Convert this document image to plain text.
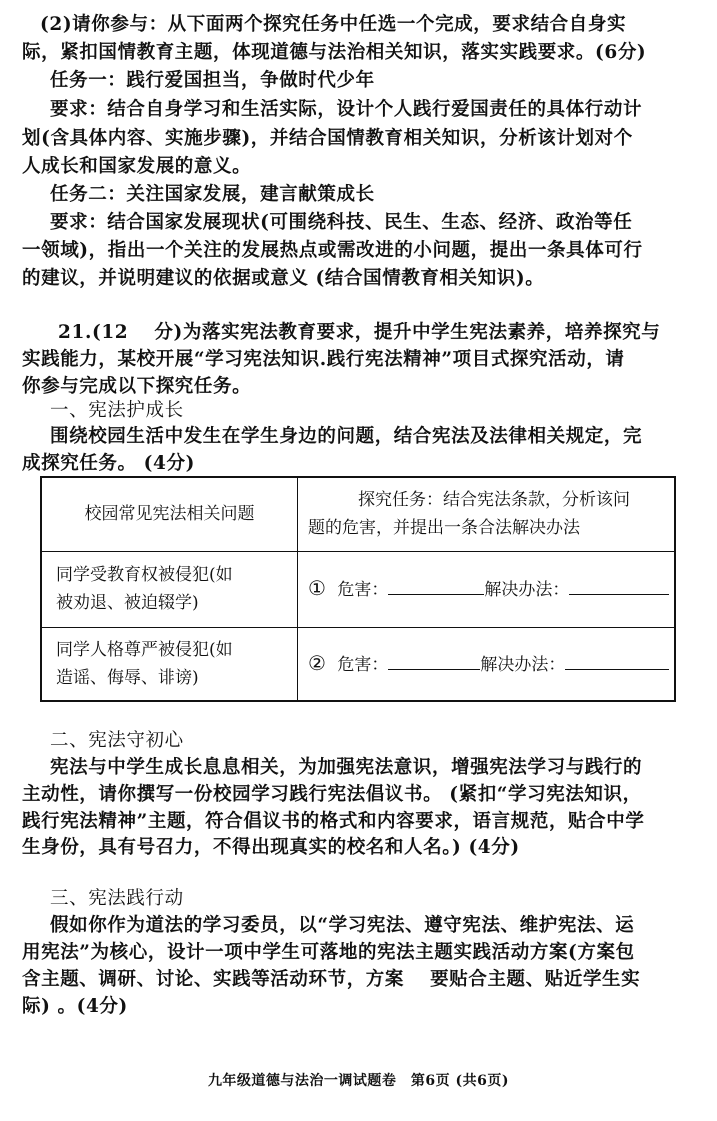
(2)请你参与：从下面两个探究任务中任选一个完成，要求结合自身实
际，紧扣国情教育主题，体现道德与法治相关知识，落实实践要求。(6分)
任务一：践行爱国担当，争做时代少年
要求：结合自身学习和生活实际，设计个人践行爱国责任的具体行动计
划(含具体内容、实施步骤)，并结合国情教育相关知识，分析该计划对个
人成长和国家发展的意义。
任务二：关注国家发展，建言献策成长
要求：结合国家发展现状(可围绕科技、民生、生态、经济、政治等任
一领域)，指出一个关注的发展热点或需改进的小问题，提出一条具体可行
的建议，并说明建议的依据或意义 (结合国情教育相关知识)。
21.(12　 分)为落实宪法教育要求，提升中学生宪法素养，培养探究与
实践能力，某校开展“学习宪法知识.践行宪法精神”项目式探究活动，请
你参与完成以下探究任务。
一、宪法护成长
围绕校园生活中发生在学生身边的问题，结合宪法及法律相关规定，完
成探究任务。 (4分)
校园常见宪法相关问题	探究任务：结合宪法条款，分析该问
题的危害，并提出一条合法解决办法

同学受教育权被侵犯(如
被劝退、被迫辍学)	① 危害： 解决办法：

同学人格尊严被侵犯(如
造谣、侮辱、诽谤)	② 危害： 解决办法：
二、宪法守初心
宪法与中学生成长息息相关，为加强宪法意识，增强宪法学习与践行的
主动性，请你撰写一份校园学习践行宪法倡议书。 (紧扣“学习宪法知识，
践行宪法精神”主题，符合倡议书的格式和内容要求，语言规范，贴合中学
生身份，具有号召力，不得出现真实的校名和人名。) (4分)
三、宪法践行动
假如你作为道法的学习委员，以“学习宪法、遵守宪法、维护宪法、运
用宪法”为核心，设计一项中学生可落地的宪法主题实践活动方案(方案包
含主题、调研、讨论、实践等活动环节，方案　 要贴合主题、贴近学生实
际) 。(4分)
九年级道德与法治一调试题卷　第6页 (共6页)
